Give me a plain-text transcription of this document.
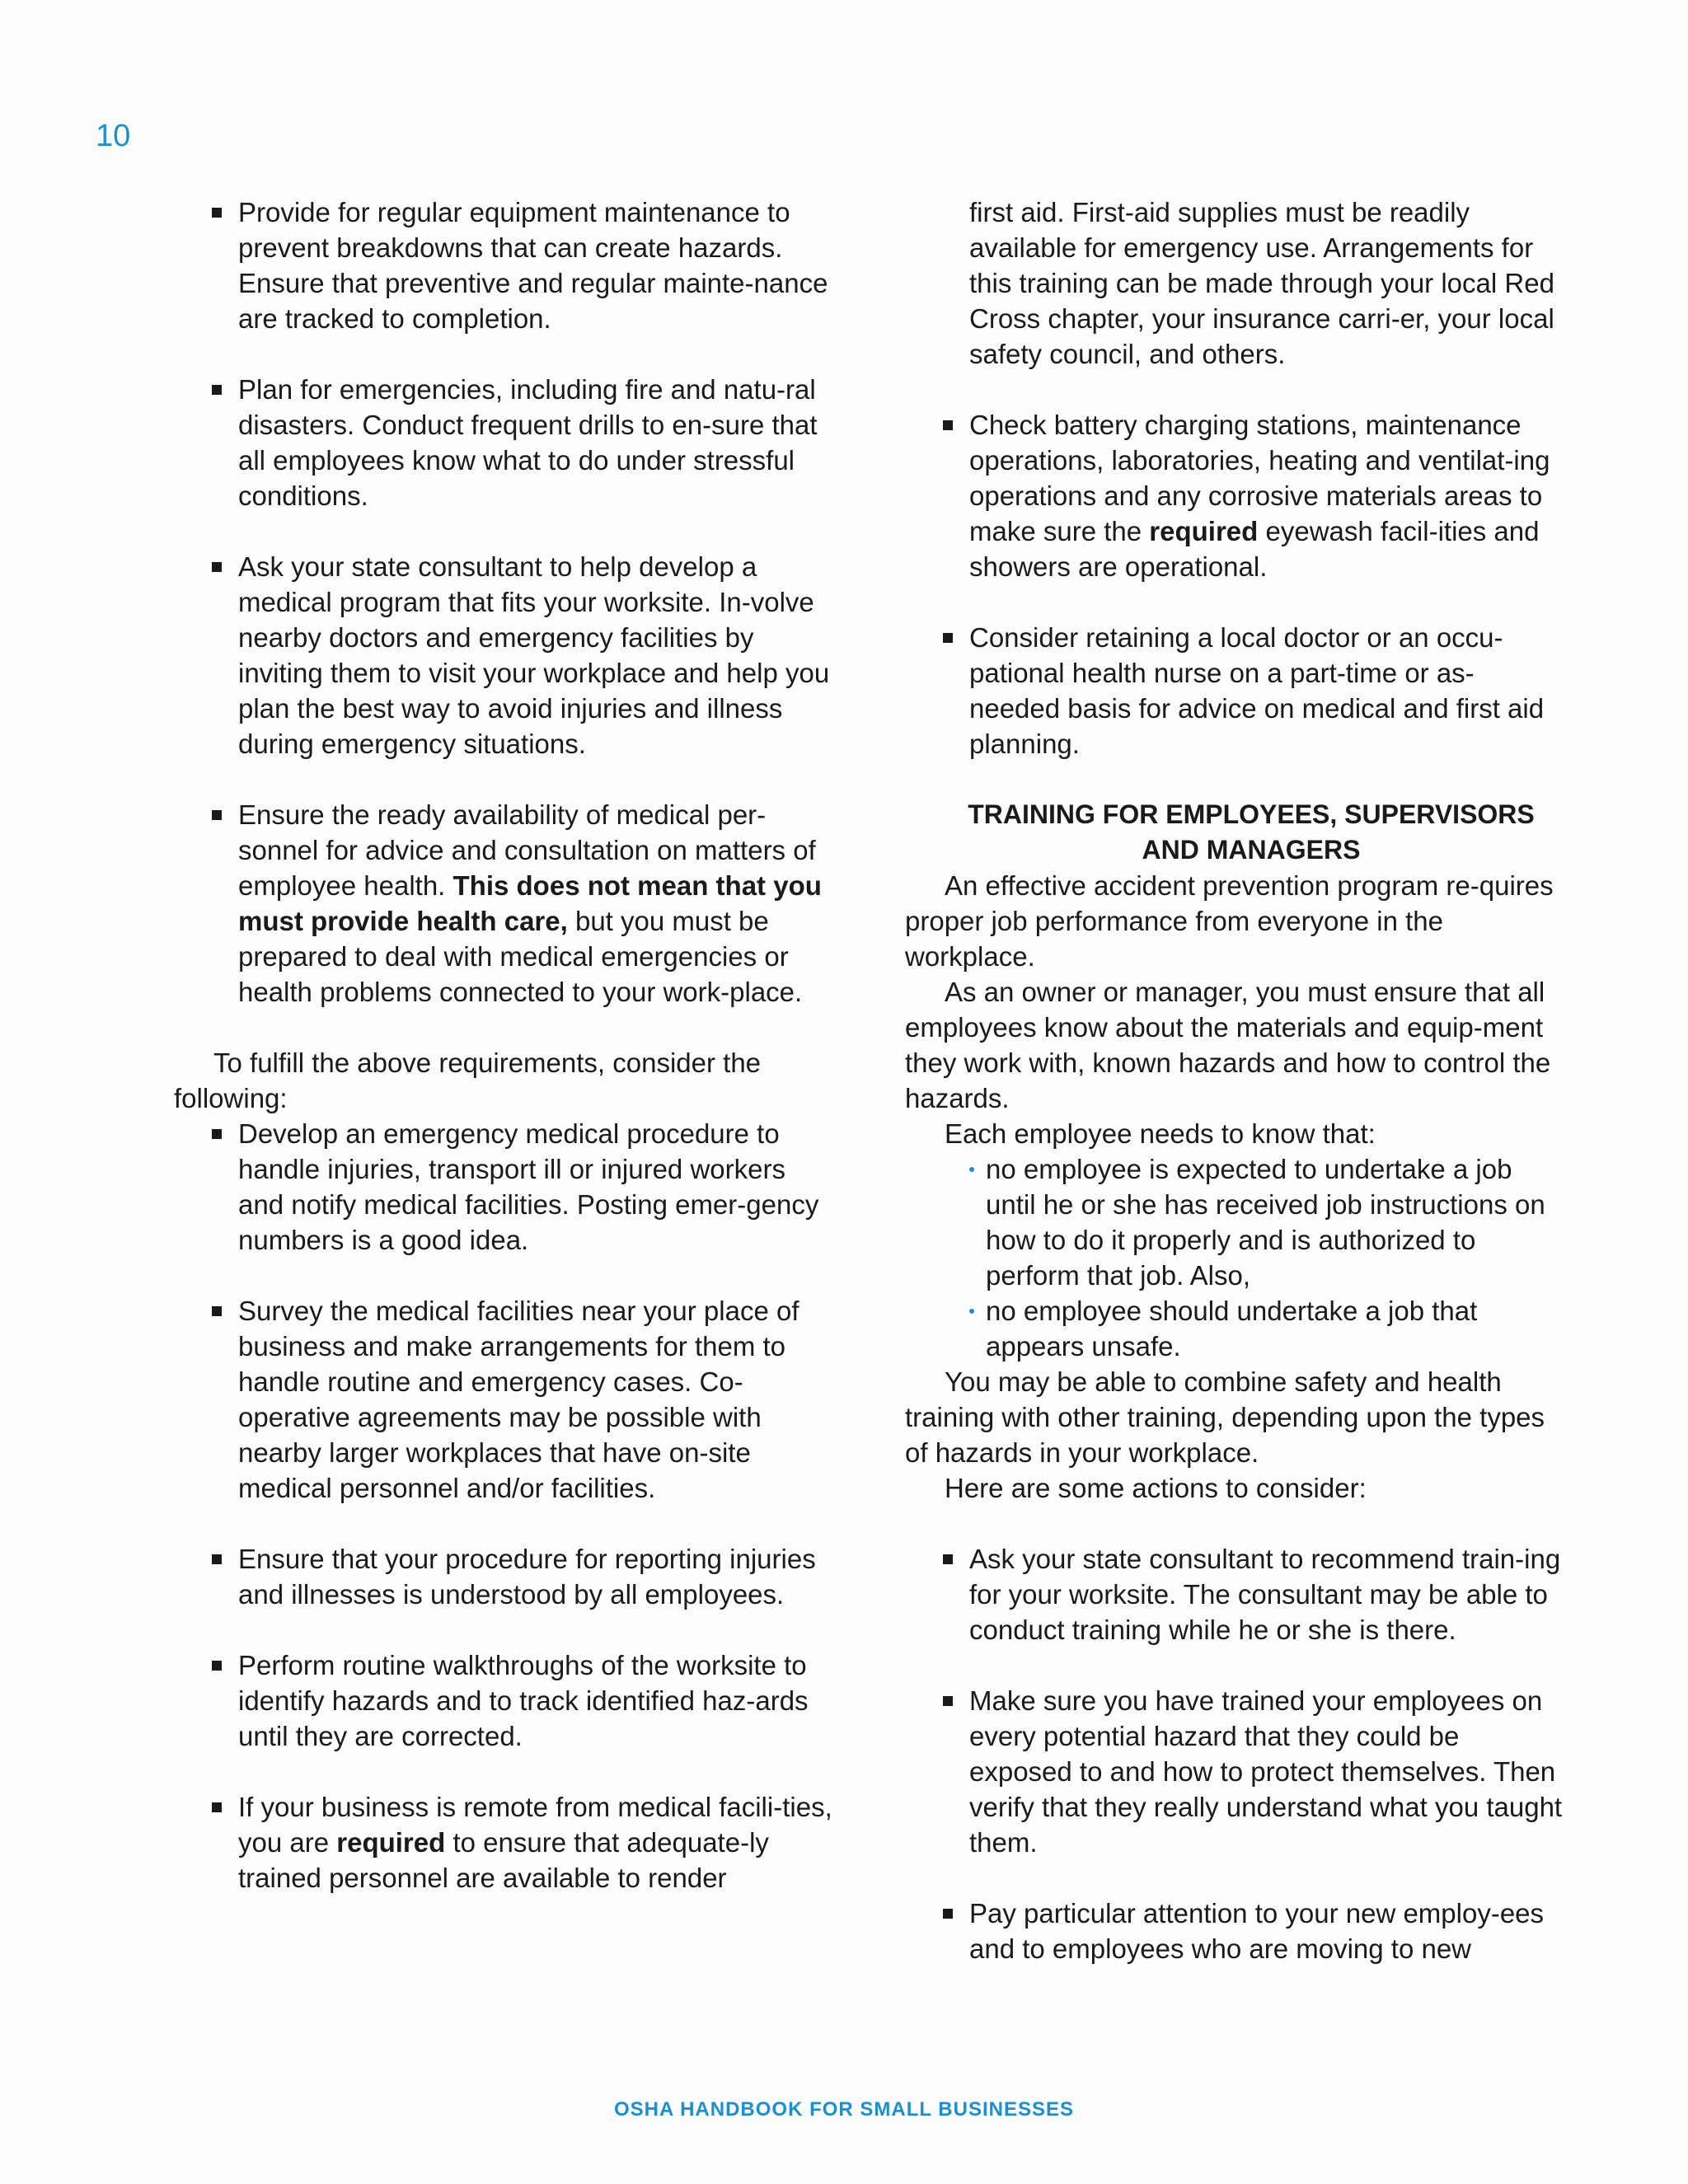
10
Provide for regular equipment maintenance to prevent breakdowns that can create hazards. Ensure that preventive and regular mainte-nance are tracked to completion.
Plan for emergencies, including fire and natu-ral disasters. Conduct frequent drills to en-sure that all employees know what to do under stressful conditions.
Ask your state consultant to help develop a medical program that fits your worksite. In-volve nearby doctors and emergency facilities by inviting them to visit your workplace and help you plan the best way to avoid injuries and illness during emergency situations.
Ensure the ready availability of medical per-sonnel for advice and consultation on matters of employee health. This does not mean that you must provide health care, but you must be prepared to deal with medical emergencies or health problems connected to your work-place.
To fulfill the above requirements, consider the following:
Develop an emergency medical procedure to handle injuries, transport ill or injured workers and notify medical facilities. Posting emer-gency numbers is a good idea.
Survey the medical facilities near your place of business and make arrangements for them to handle routine and emergency cases. Co-operative agreements may be possible with nearby larger workplaces that have on-site medical personnel and/or facilities.
Ensure that your procedure for reporting injuries and illnesses is understood by all employees.
Perform routine walkthroughs of the worksite to identify hazards and to track identified haz-ards until they are corrected.
If your business is remote from medical facili-ties, you are required to ensure that adequate-ly trained personnel are available to render
first aid. First-aid supplies must be readily available for emergency use. Arrangements for this training can be made through your local Red Cross chapter, your insurance carri-er, your local safety council, and others.
Check battery charging stations, maintenance operations, laboratories, heating and ventilat-ing operations and any corrosive materials areas to make sure the required eyewash facil-ities and showers are operational.
Consider retaining a local doctor or an occu-pational health nurse on a part-time or as-needed basis for advice on medical and first aid planning.
TRAINING FOR EMPLOYEES, SUPERVISORS
AND MANAGERS
An effective accident prevention program re-quires proper job performance from everyone in the workplace.
As an owner or manager, you must ensure that all employees know about the materials and equip-ment they work with, known hazards and how to control the hazards.
Each employee needs to know that:
no employee is expected to undertake a job until he or she has received job instructions on how to do it properly and is authorized to perform that job. Also,
no employee should undertake a job that appears unsafe.
You may be able to combine safety and health training with other training, depending upon the types of hazards in your workplace.
Here are some actions to consider:
Ask your state consultant to recommend train-ing for your worksite. The consultant may be able to conduct training while he or she is there.
Make sure you have trained your employees on every potential hazard that they could be exposed to and how to protect themselves. Then verify that they really understand what you taught them.
Pay particular attention to your new employ-ees and to employees who are moving to new
OSHA HANDBOOK FOR SMALL BUSINESSES
